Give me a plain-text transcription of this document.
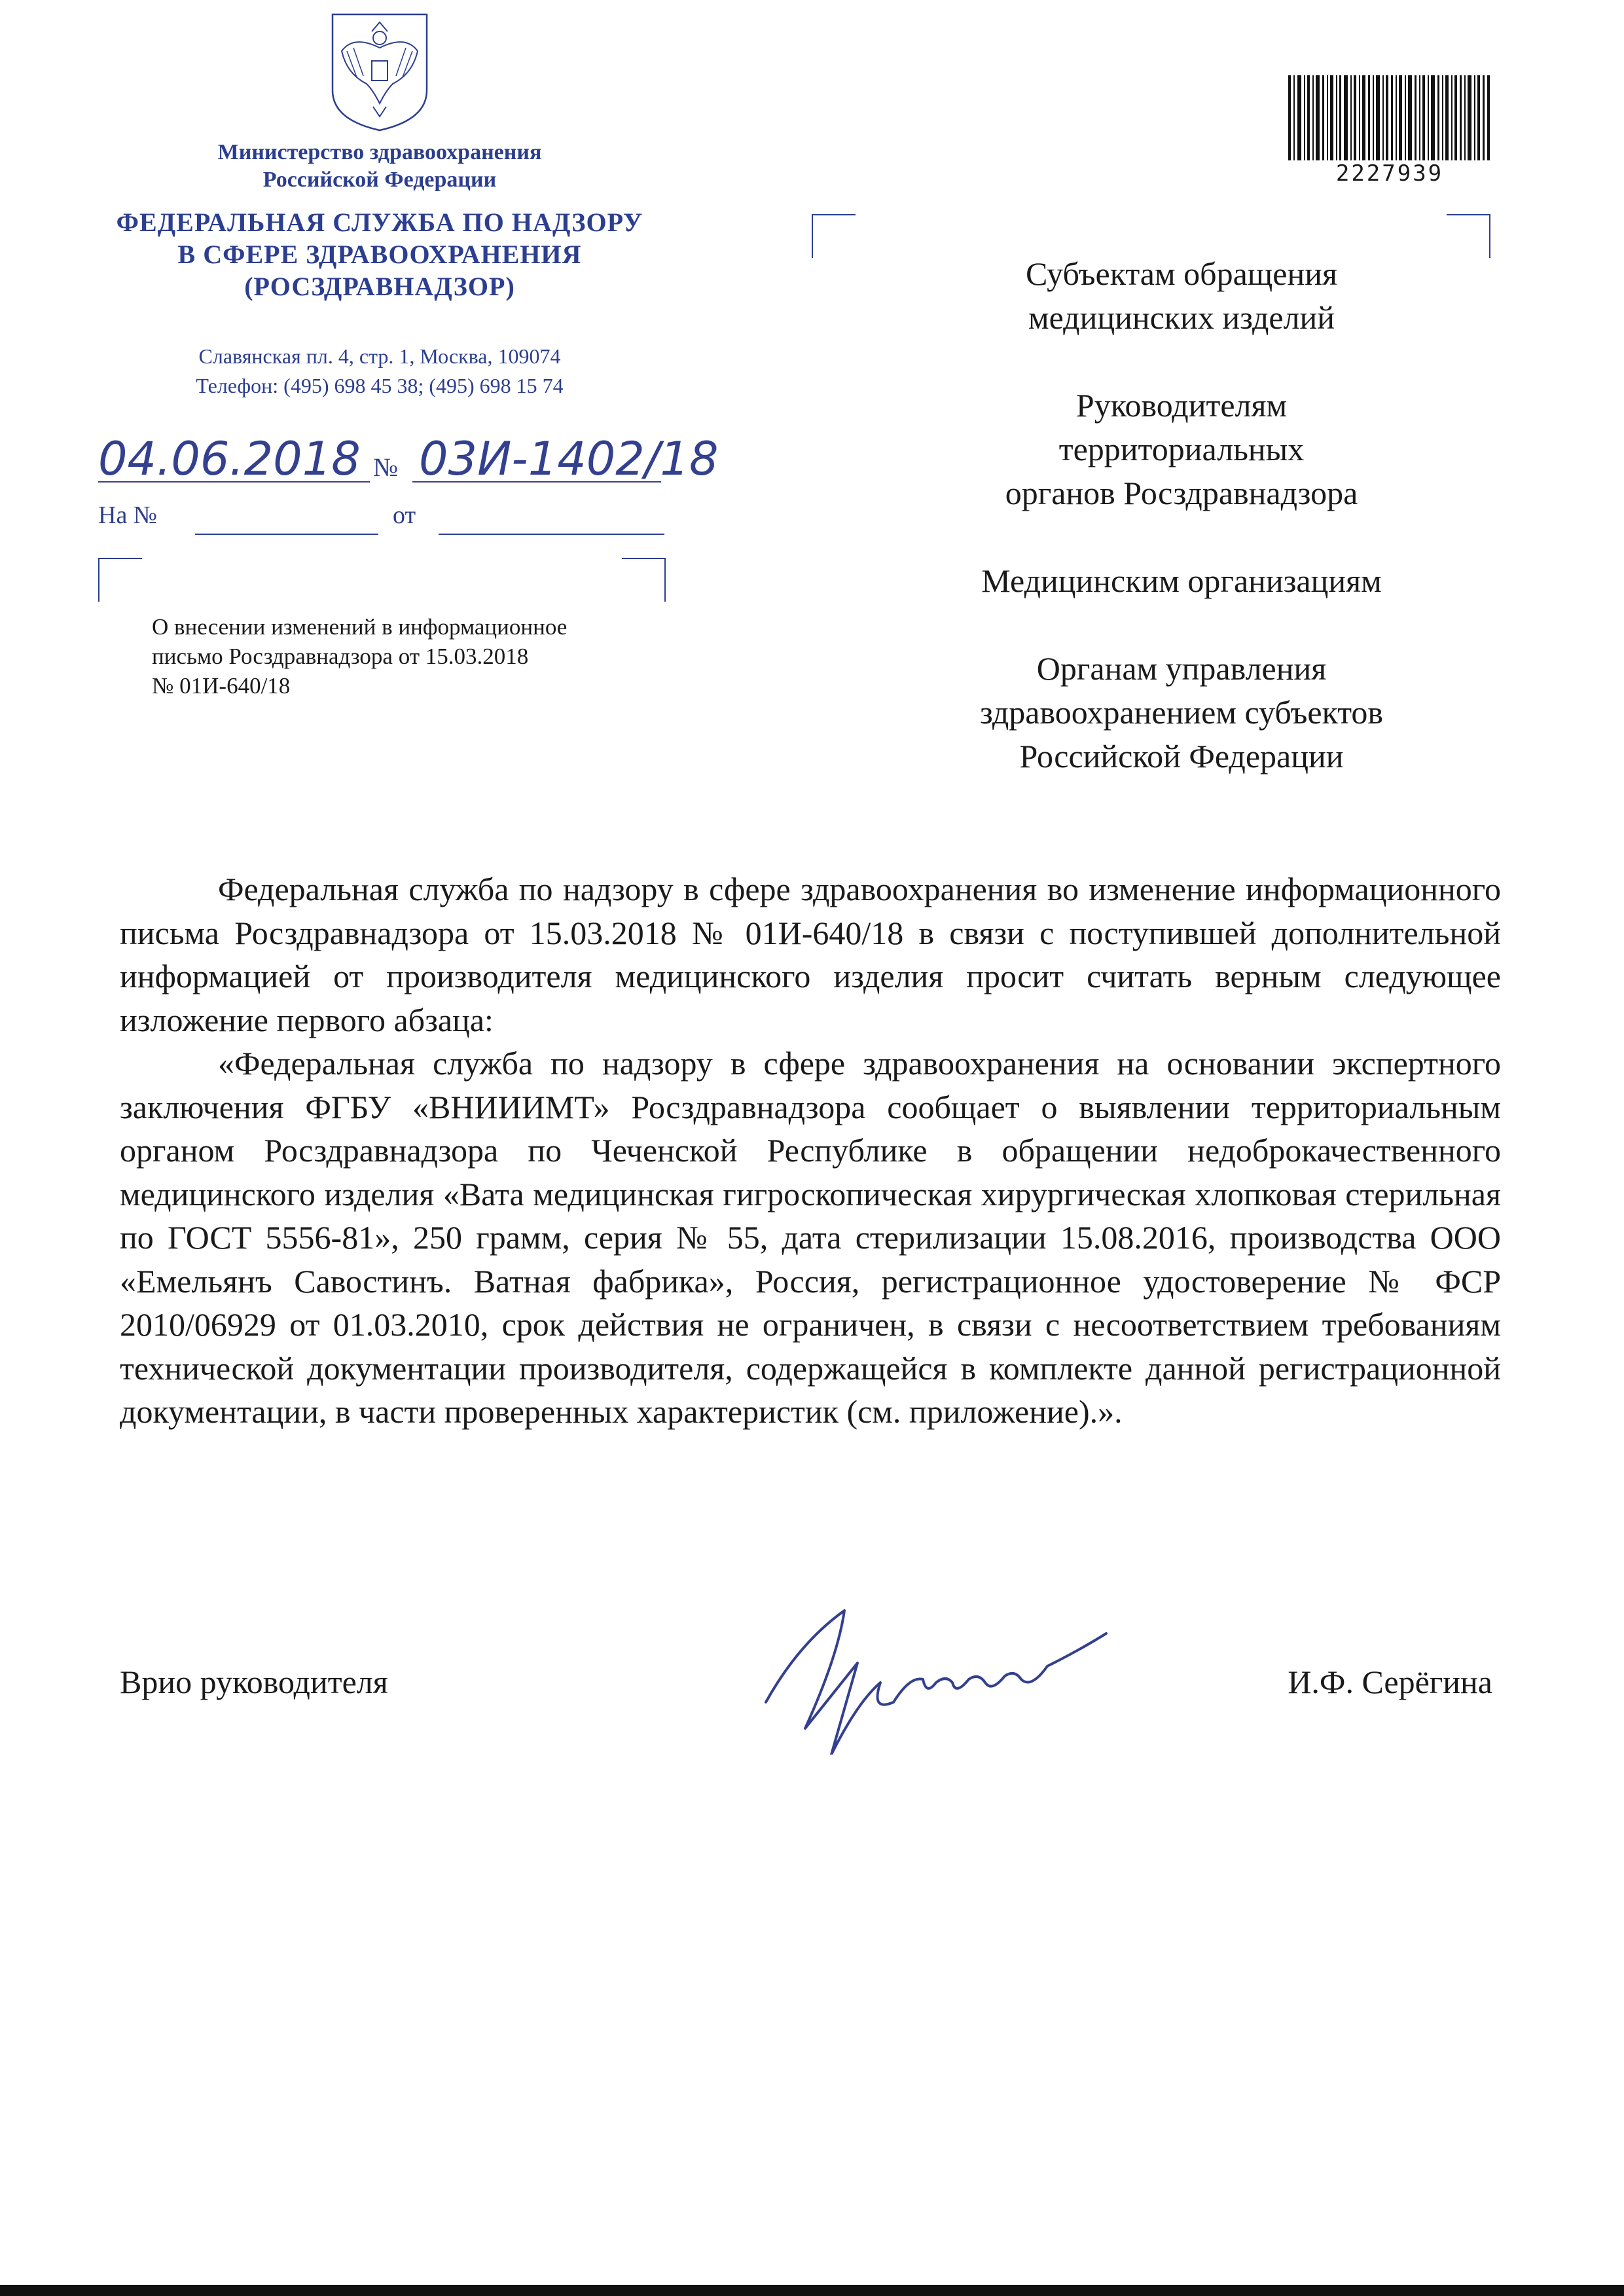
Министерство здравоохранения
Российской Федерации
ФЕДЕРАЛЬНАЯ СЛУЖБА ПО НАДЗОРУ
В СФЕРЕ ЗДРАВООХРАНЕНИЯ
(РОСЗДРАВНАДЗОР)
Славянская пл. 4, стр. 1, Москва, 109074
Телефон: (495) 698 45 38; (495) 698 15 74
04.06.2018 № 03И-1402/18
На №	от
О внесении изменений в информационное
письмо Росздравнадзора от 15.03.2018
№ 01И-640/18
2227939
Субъектам обращения
медицинских изделий
Руководителям
территориальных
органов Росздравнадзора
Медицинским организациям
Органам управления
здравоохранением субъектов
Российской Федерации

Федеральная служба по надзору в сфере здравоохранения во изменение информационного письма Росздравнадзора от 15.03.2018 № 01И-640/18 в связи с поступившей дополнительной информацией от производителя медицинского изделия просит считать верным следующее изложение первого абзаца:

«Федеральная служба по надзору в сфере здравоохранения на основании экспертного заключения ФГБУ «ВНИИИМТ» Росздравнадзора сообщает о выявлении территориальным органом Росздравнадзора по Чеченской Республике в обращении недоброкачественного медицинского изделия «Вата медицинская гигроскопическая хирургическая хлопковая стерильная по ГОСТ 5556-81», 250 грамм, серия № 55, дата стерилизации 15.08.2016, производства ООО «Емельянъ Савостинъ. Ватная фабрика», Россия, регистрационное удостоверение № ФСР 2010/06929 от 01.03.2010, срок действия не ограничен, в связи с несоответствием требованиям технической документации производителя, содержащейся в комплекте данной регистрационной документации, в части проверенных характеристик (см. приложение).».

Врио руководителя	И.Ф. Серёгина
